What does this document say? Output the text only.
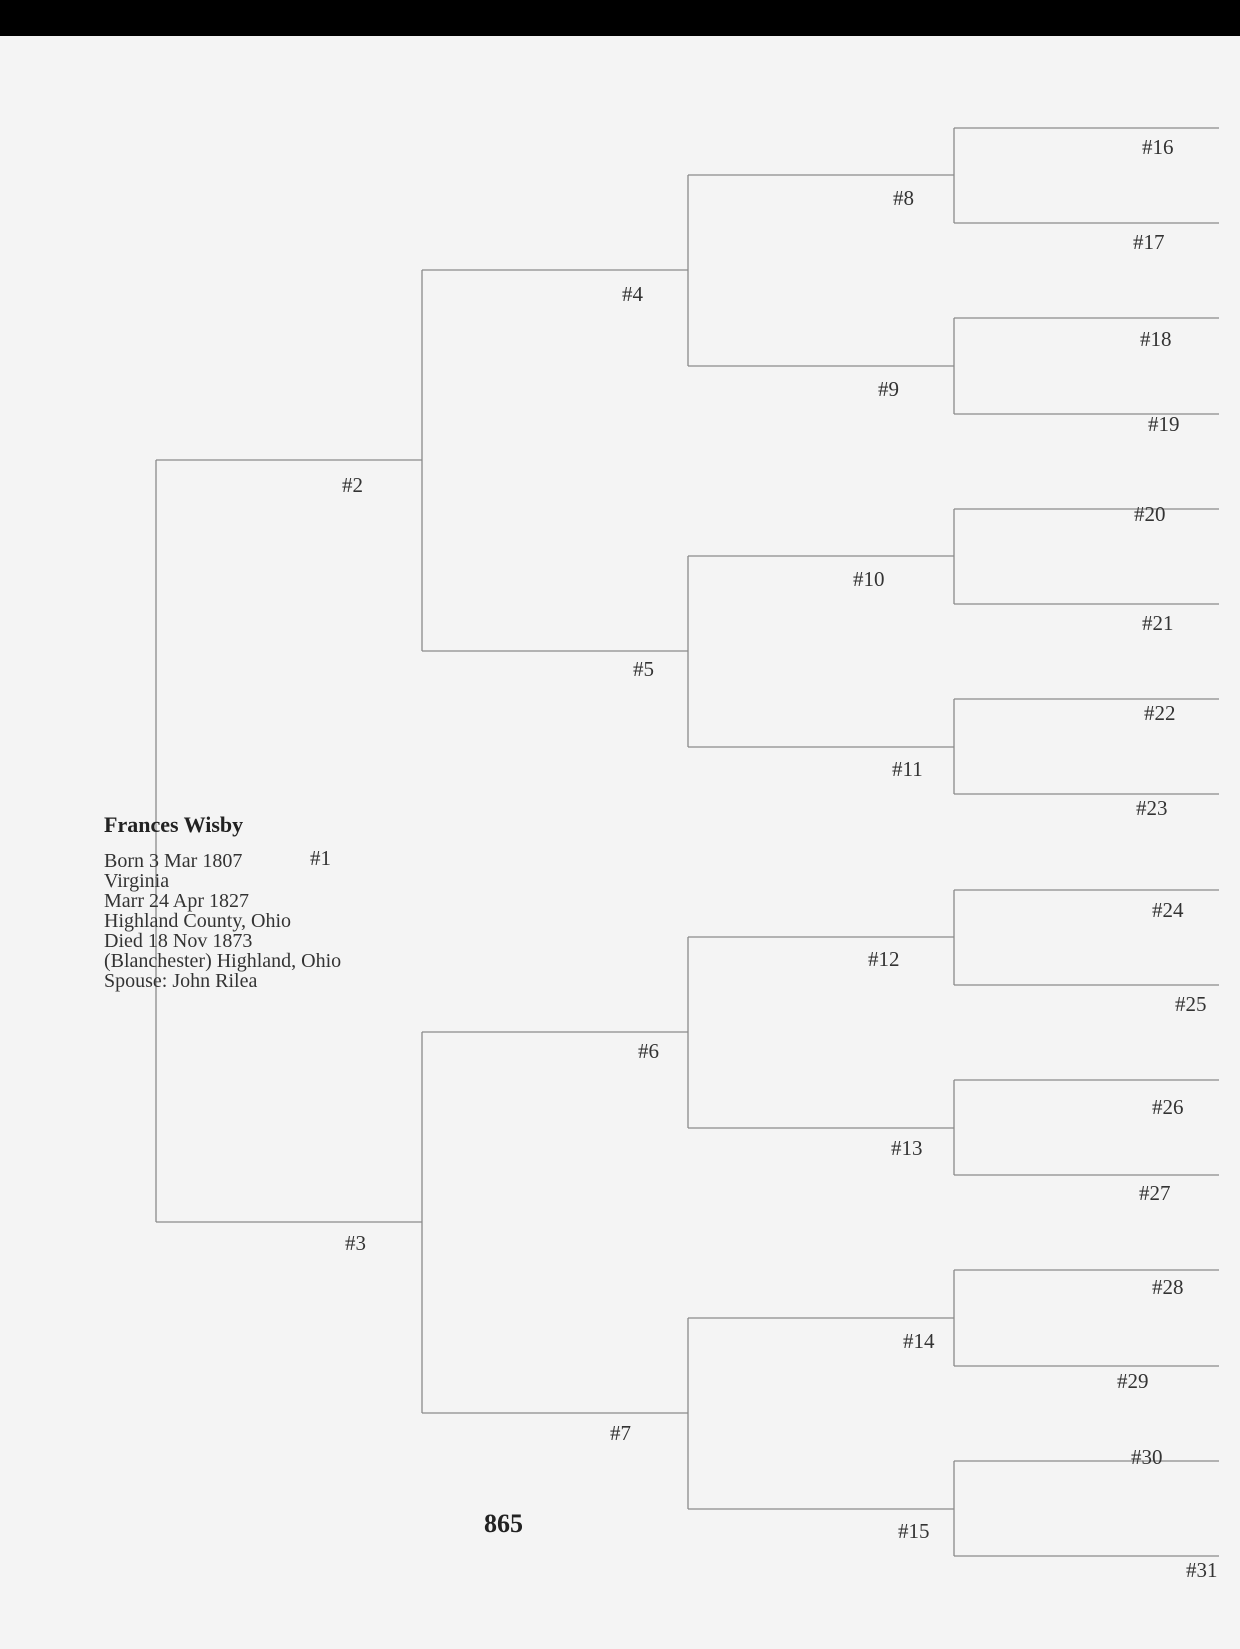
Frances Wisby
Born 3 Mar 1807
Virginia
Marr 24 Apr 1827
Highland County, Ohio
Died 18 Nov 1873
(Blanchester) Highland, Ohio
Spouse: John Rilea
#1
#2
#3
#4
#5
#6
#7
#8
#9
#10
#11
#12
#13
#14
#15
#16
#17
#18
#19
#20
#21
#22
#23
#24
#25
#26
#27
#28
#29
#30
#31
865
